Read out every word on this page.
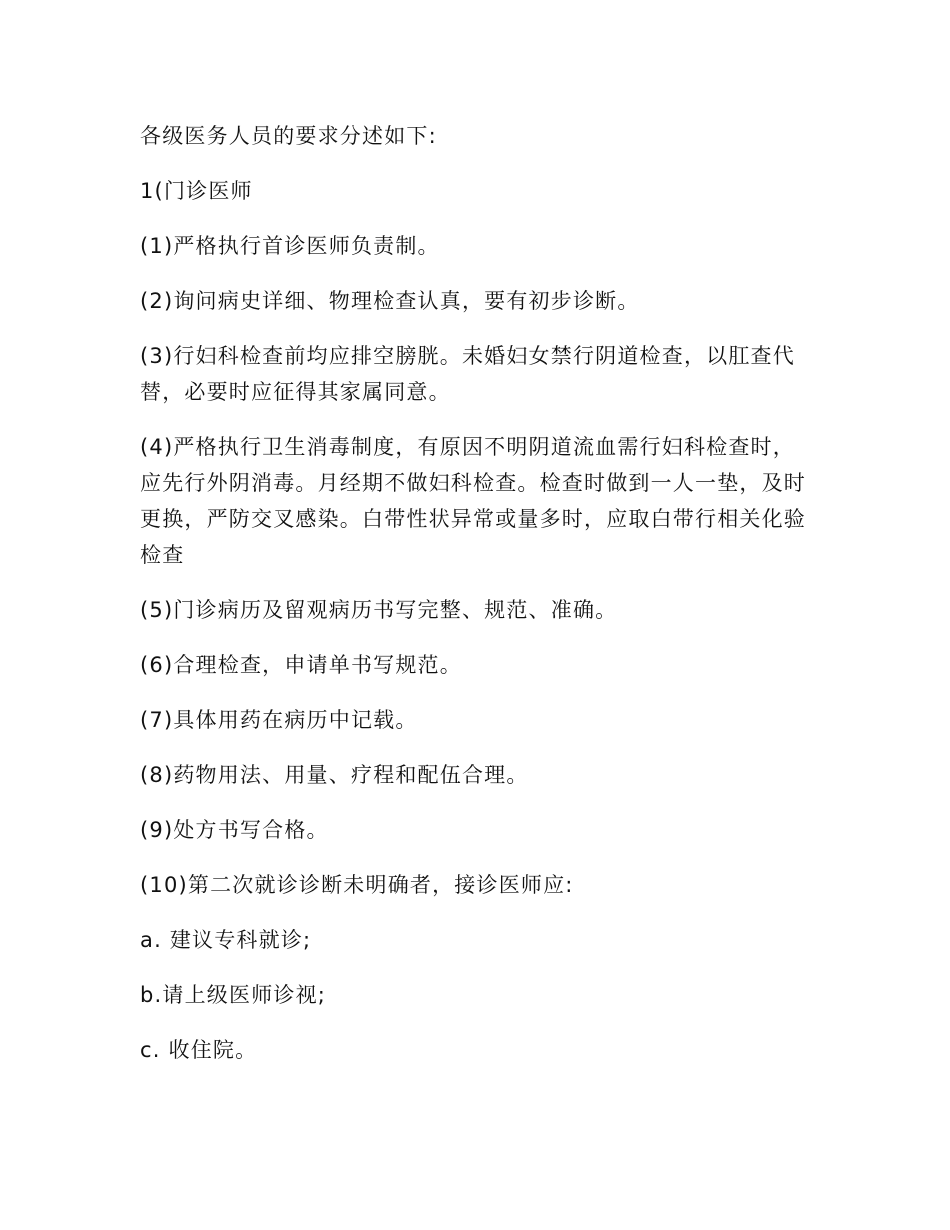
各级医务人员的要求分述如下:

1(门诊医师

(1)严格执行首诊医师负责制。

(2)询问病史详细、物理检查认真，要有初步诊断。

(3)行妇科检查前均应排空膀胱。未婚妇女禁行阴道检查，以肛查代替，必要时应征得其家属同意。

(4)严格执行卫生消毒制度，有原因不明阴道流血需行妇科检查时，应先行外阴消毒。月经期不做妇科检查。检查时做到一人一垫，及时更换，严防交叉感染。白带性状异常或量多时，应取白带行相关化验检查

(5)门诊病历及留观病历书写完整、规范、准确。

(6)合理检查，申请单书写规范。

(7)具体用药在病历中记载。

(8)药物用法、用量、疗程和配伍合理。

(9)处方书写合格。

(10)第二次就诊诊断未明确者，接诊医师应:

a. 建议专科就诊;

b.请上级医师诊视;

c. 收住院。
